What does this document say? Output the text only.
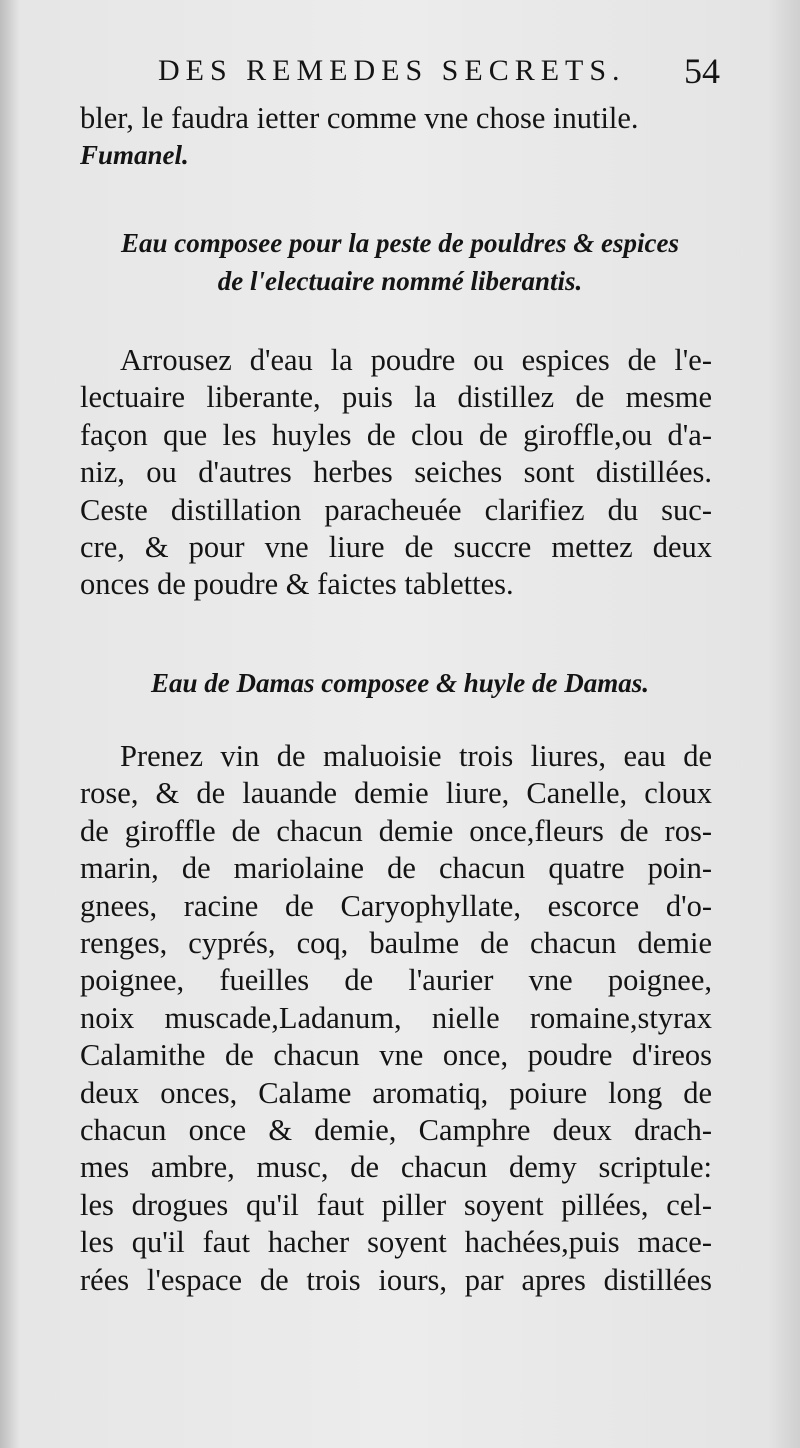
DES REMEDES SECRETS. 54
bler, le faudra ietter comme vne chose inutile.
Fumanel.
Eau composee pour la peste de pouldres & espices
de l'electuaire nommé liberantis.
Arrousez d'eau la poudre ou espices de l'e-
lectuaire liberante, puis la distillez de mesme
façon que les huyles de clou de giroffle,ou d'a-
niz, ou d'autres herbes seiches sont distillées.
Ceste distillation paracheuée clarifiez du suc-
cre, & pour vne liure de succre mettez deux
onces de poudre & faictes tablettes.
Eau de Damas composee & huyle de Damas.
Prenez vin de maluoisie trois liures, eau de
rose, & de lauande demie liure, Canelle, cloux
de giroffle de chacun demie once,fleurs de ros-
marin, de mariolaine de chacun quatre poin-
gnees, racine de Caryophyllate, escorce d'o-
renges, cyprés, coq, baulme de chacun demie
poignee, fueilles de l'aurier vne poignee,
noix muscade,Ladanum, nielle romaine,styrax
Calamithe de chacun vne once, poudre d'ireos
deux onces, Calame aromatiq, poiure long de
chacun once & demie, Camphre deux drach-
mes ambre, musc, de chacun demy scriptule:
les drogues qu'il faut piller soyent pillées, cel-
les qu'il faut hacher soyent hachées,puis mace-
rées l'espace de trois iours, par apres distillées
